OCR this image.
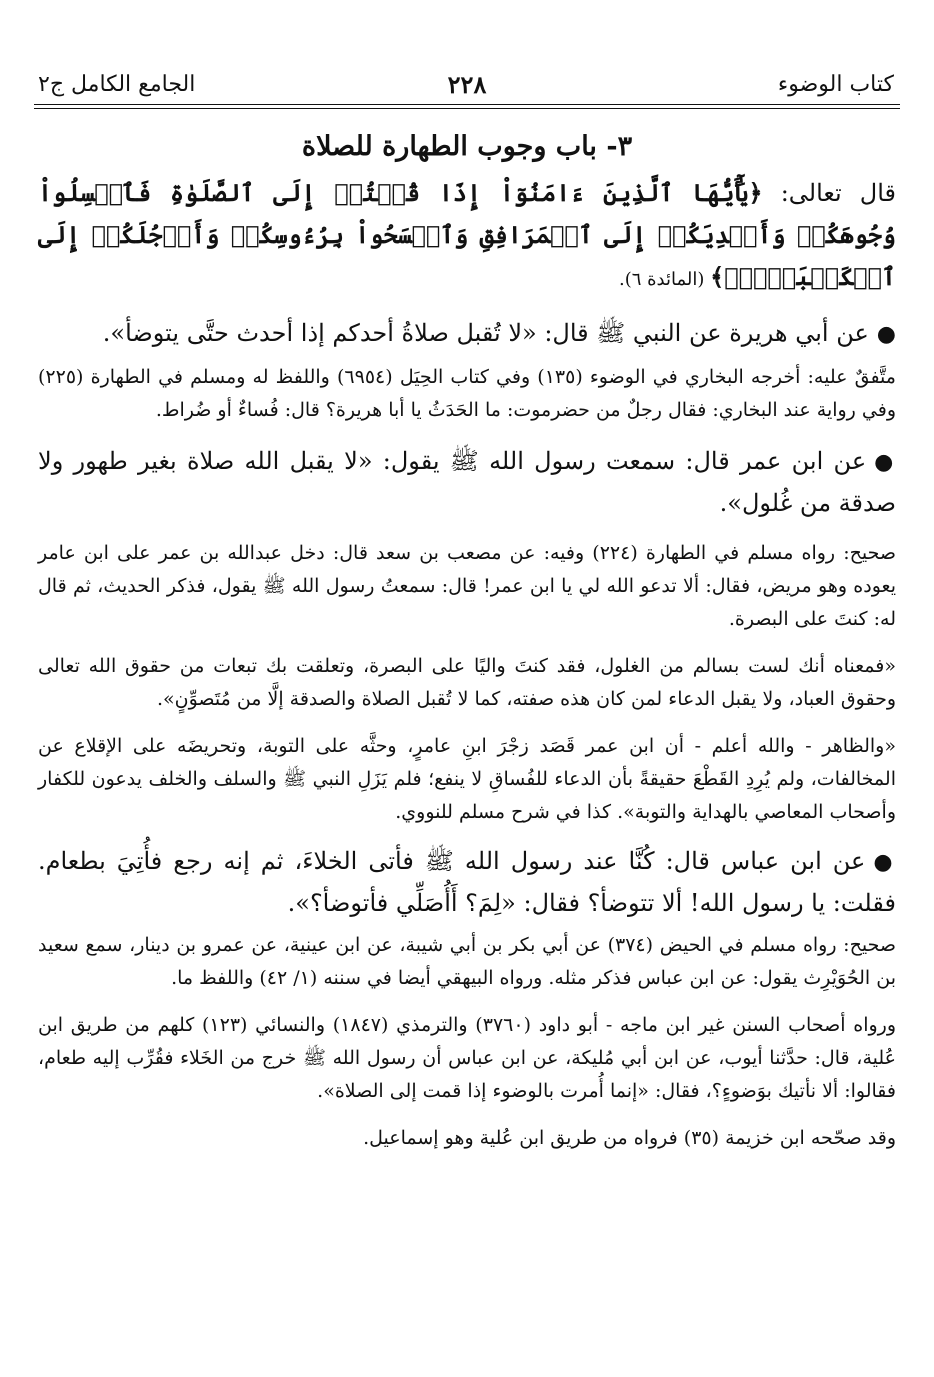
كتاب الوضوء
٢٢٨
الجامع الكامل ج٢
٣- باب وجوب الطهارة للصلاة
قال تعالى: ﴿يَٰٓأَيُّهَا ٱلَّذِينَ ءَامَنُوٓاْ إِذَا قُمۡتُمۡ إِلَى ٱلصَّلَوٰةِ فَٱغۡسِلُواْ وُجُوهَكُمۡ وَأَيۡدِيَكُمۡ إِلَى ٱلۡمَرَافِقِ وَٱمۡسَحُواْ بِرُءُوسِكُمۡ وَأَرۡجُلَكُمۡ إِلَى ٱلۡكَعۡبَيۡنِۚ﴾ (المائدة ٦).
●عن أبي هريرة عن النبي ﷺ قال: «لا تُقبل صلاةُ أحدكم إذا أحدث حتَّى يتوضأ».
متَّفقٌ عليه: أخرجه البخاري في الوضوء (١٣٥) وفي كتاب الحِيَل (٦٩٥٤) واللفظ له ومسلم في الطهارة (٢٢٥) وفي رواية عند البخاري: فقال رجلٌ من حضرموت: ما الحَدَثُ يا أبا هريرة؟ قال: فُساءٌ أو ضُراط.
●عن ابن عمر قال: سمعت رسول الله ﷺ يقول: «لا يقبل الله صلاة بغير طهور ولا صدقة من غُلول».
صحيح: رواه مسلم في الطهارة (٢٢٤) وفيه: عن مصعب بن سعد قال: دخل عبدالله بن عمر على ابن عامر يعوده وهو مريض، فقال: ألا تدعو الله لي يا ابن عمر! قال: سمعتُ رسول الله ﷺ يقول، فذكر الحديث، ثم قال له: كنتَ على البصرة.
«فمعناه أنك لست بسالم من الغلول، فقد كنتَ واليًا على البصرة، وتعلقت بك تبعات من حقوق الله تعالى وحقوق العباد، ولا يقبل الدعاء لمن كان هذه صفته، كما لا تُقبل الصلاة والصدقة إلَّا من مُتَصوِّنٍ».
«والظاهر - والله أعلم - أن ابن عمر قَصَد زجْرَ ابنِ عامرٍ، وحثَّه على التوبة، وتحريضَه على الإقلاع عن المخالفات، ولم يُرِدِ القَطْعَ حقيقةً بأن الدعاء للفُساقِ لا ينفع؛ فلم يَزَلِ النبي ﷺ والسلف والخلف يدعون للكفار وأصحاب المعاصي بالهداية والتوبة». كذا في شرح مسلم للنووي.
●عن ابن عباس قال: كُنَّا عند رسول الله ﷺ فأتى الخلاءَ، ثم إنه رجع فأُتِيَ بطعام. فقلت: يا رسول الله! ألا تتوضأ؟ فقال: «لِمَ؟ أَأُصَلِّي فأتوضأ؟».
صحيح: رواه مسلم في الحيض (٣٧٤) عن أبي بكر بن أبي شيبة، عن ابن عينية، عن عمرو بن دينار، سمع سعيد بن الحُوَيْرِث يقول: عن ابن عباس فذكر مثله. ورواه البيهقي أيضا في سننه (١/ ٤٢) واللفظ ما.
ورواه أصحاب السنن غير ابن ماجه - أبو داود (٣٧٦٠) والترمذي (١٨٤٧) والنسائي (١٢٣) كلهم من طريق ابن عُلية، قال: حدَّثنا أيوب، عن ابن أبي مُليكة، عن ابن عباس أن رسول الله ﷺ خرج من الخَلاء فقُرِّب إليه طعام، فقالوا: ألا نأتيك بوَضوءٍ؟، فقال: «إنما أُمرت بالوضوء إذا قمت إلى الصلاة».
وقد صحّحه ابن خزيمة (٣٥) فرواه من طريق ابن عُلية وهو إسماعيل.
